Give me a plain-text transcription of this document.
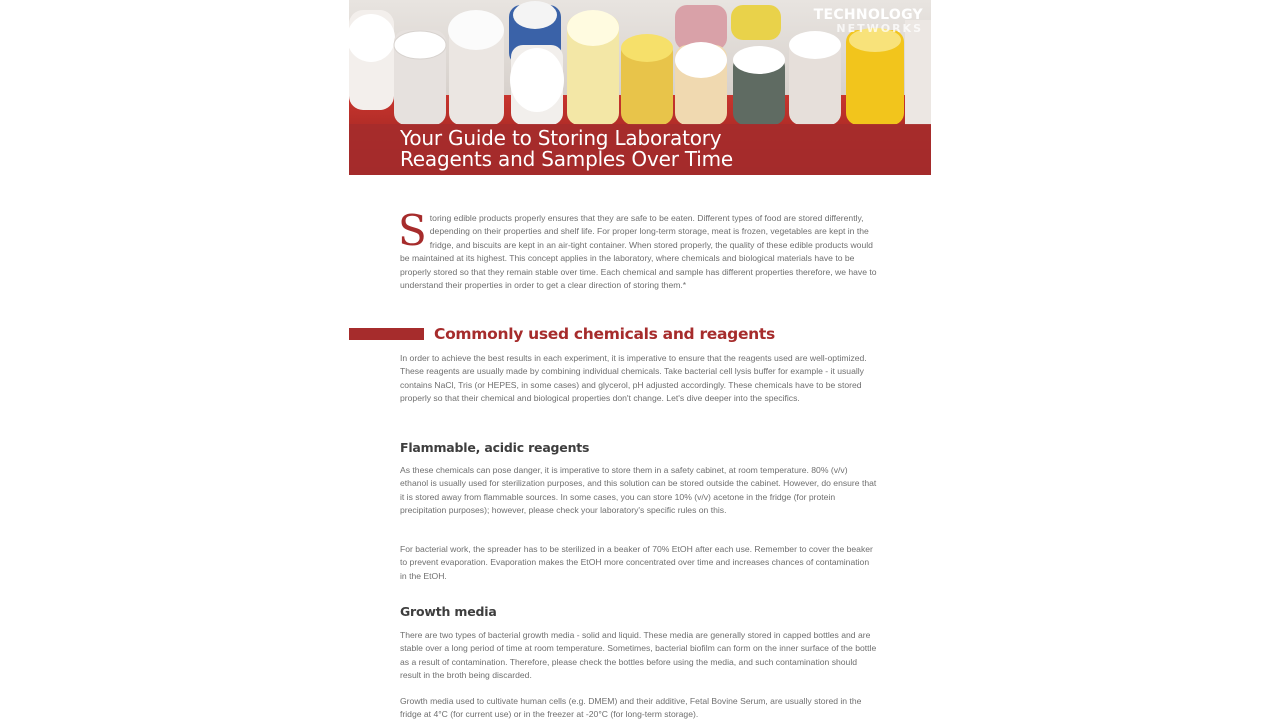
TECHNOLOGY
NETWORKS
Your Guide to Storing Laboratory
Reagents and Samples Over Time

S toring edible products properly ensures that they are safe to be eaten. Different types of food are stored differently, depending on their properties and shelf life. For proper long-term storage, meat is frozen, vegetables are kept in the fridge, and biscuits are kept in an air-tight container. When stored properly, the quality of these edible products would be maintained at its highest. This concept applies in the laboratory, where chemicals and biological materials have to be properly stored so that they remain stable over time. Each chemical and sample has different properties therefore, we have to understand their properties in order to get a clear direction of storing them.*

Commonly used chemicals and reagents

In order to achieve the best results in each experiment, it is imperative to ensure that the reagents used are well-optimized. These reagents are usually made by combining individual chemicals. Take bacterial cell lysis buffer for example - it usually contains NaCl, Tris (or HEPES, in some cases) and glycerol, pH adjusted accordingly. These chemicals have to be stored properly so that their chemical and biological properties don't change. Let's dive deeper into the specifics.

Flammable, acidic reagents

As these chemicals can pose danger, it is imperative to store them in a safety cabinet, at room temperature. 80% (v/v) ethanol is usually used for sterilization purposes, and this solution can be stored outside the cabinet. However, do ensure that it is stored away from flammable sources. In some cases, you can store 10% (v/v) acetone in the fridge (for protein precipitation purposes); however, please check your laboratory's specific rules on this.

For bacterial work, the spreader has to be sterilized in a beaker of 70% EtOH after each use. Remember to cover the beaker to prevent evaporation. Evaporation makes the EtOH more concentrated over time and increases chances of contamination in the EtOH.

Growth media

There are two types of bacterial growth media - solid and liquid. These media are generally stored in capped bottles and are stable over a long period of time at room temperature. Sometimes, bacterial biofilm can form on the inner surface of the bottle as a result of contamination. Therefore, please check the bottles before using the media, and such contamination should result in the broth being discarded.

Growth media used to cultivate human cells (e.g. DMEM) and their additive, Fetal Bovine Serum, are usually stored in the fridge at 4°C (for current use) or in the freezer at -20°C (for long-term storage).
